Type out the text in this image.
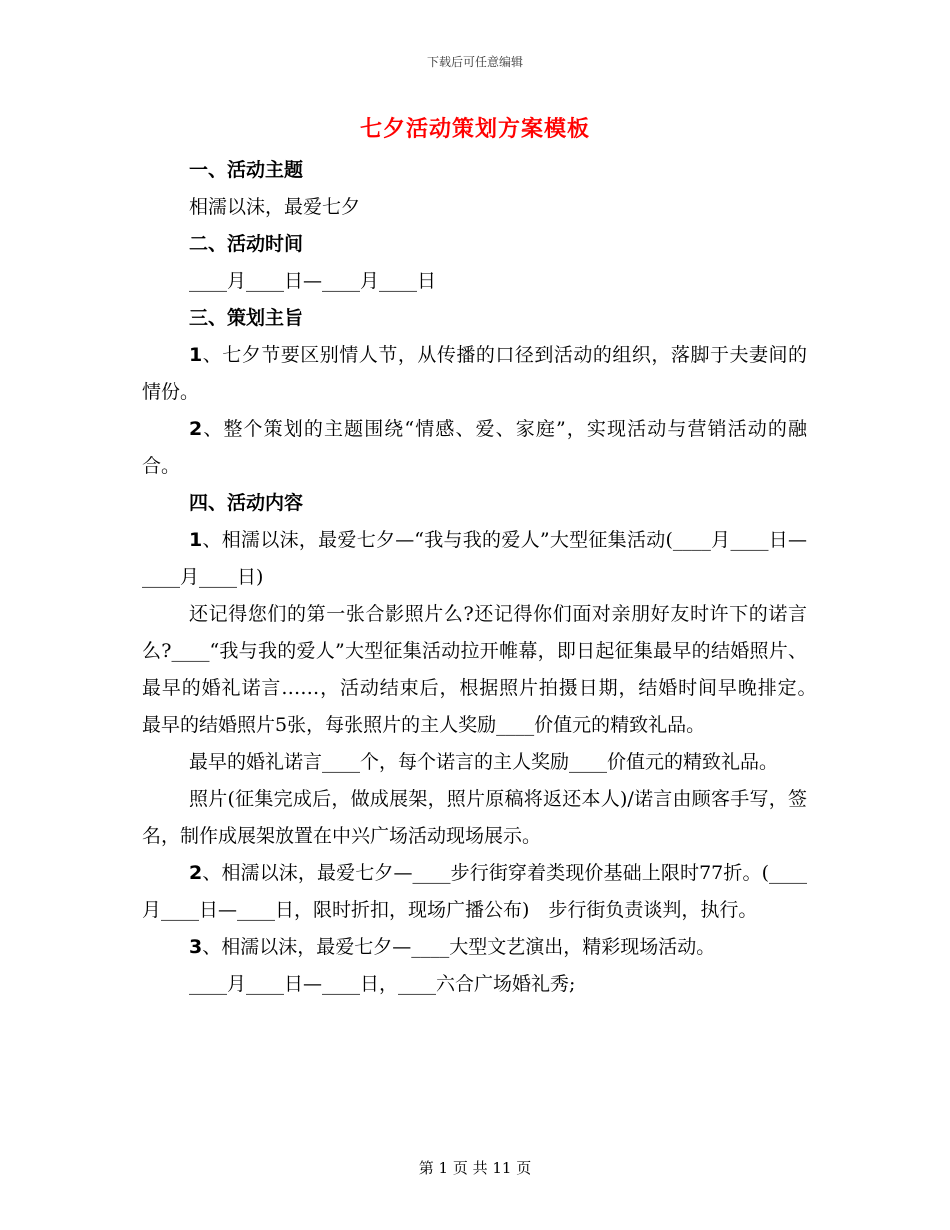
下载后可任意编辑
七夕活动策划方案模板

一、活动主题

相濡以沫，最爱七夕

二、活动时间

____月____日—____月____日

三、策划主旨

1、七夕节要区别情人节，从传播的口径到活动的组织，落脚于夫妻间的情份。

2、整个策划的主题围绕“情感、爱、家庭”，实现活动与营销活动的融合。

四、活动内容

1、相濡以沫，最爱七夕—“我与我的爱人”大型征集活动(____月____日—____月____日)

还记得您们的第一张合影照片么?还记得你们面对亲朋好友时许下的诺言么?____“我与我的爱人”大型征集活动拉开帷幕，即日起征集最早的结婚照片、最早的婚礼诺言……，活动结束后，根据照片拍摄日期，结婚时间早晚排定。　　最早的结婚照片5张，每张照片的主人奖励____价值元的精致礼品。

最早的婚礼诺言____个，每个诺言的主人奖励____价值元的精致礼品。

照片(征集完成后，做成展架，照片原稿将返还本人)/诺言由顾客手写，签名，制作成展架放置在中兴广场活动现场展示。

2、相濡以沫，最爱七夕—____步行街穿着类现价基础上限时77折。(____月____日—____日，限时折扣，现场广播公布)　步行街负责谈判，执行。

3、相濡以沫，最爱七夕—____大型文艺演出，精彩现场活动。

____月____日—____日，____六合广场婚礼秀;

第 1 页 共 11 页
